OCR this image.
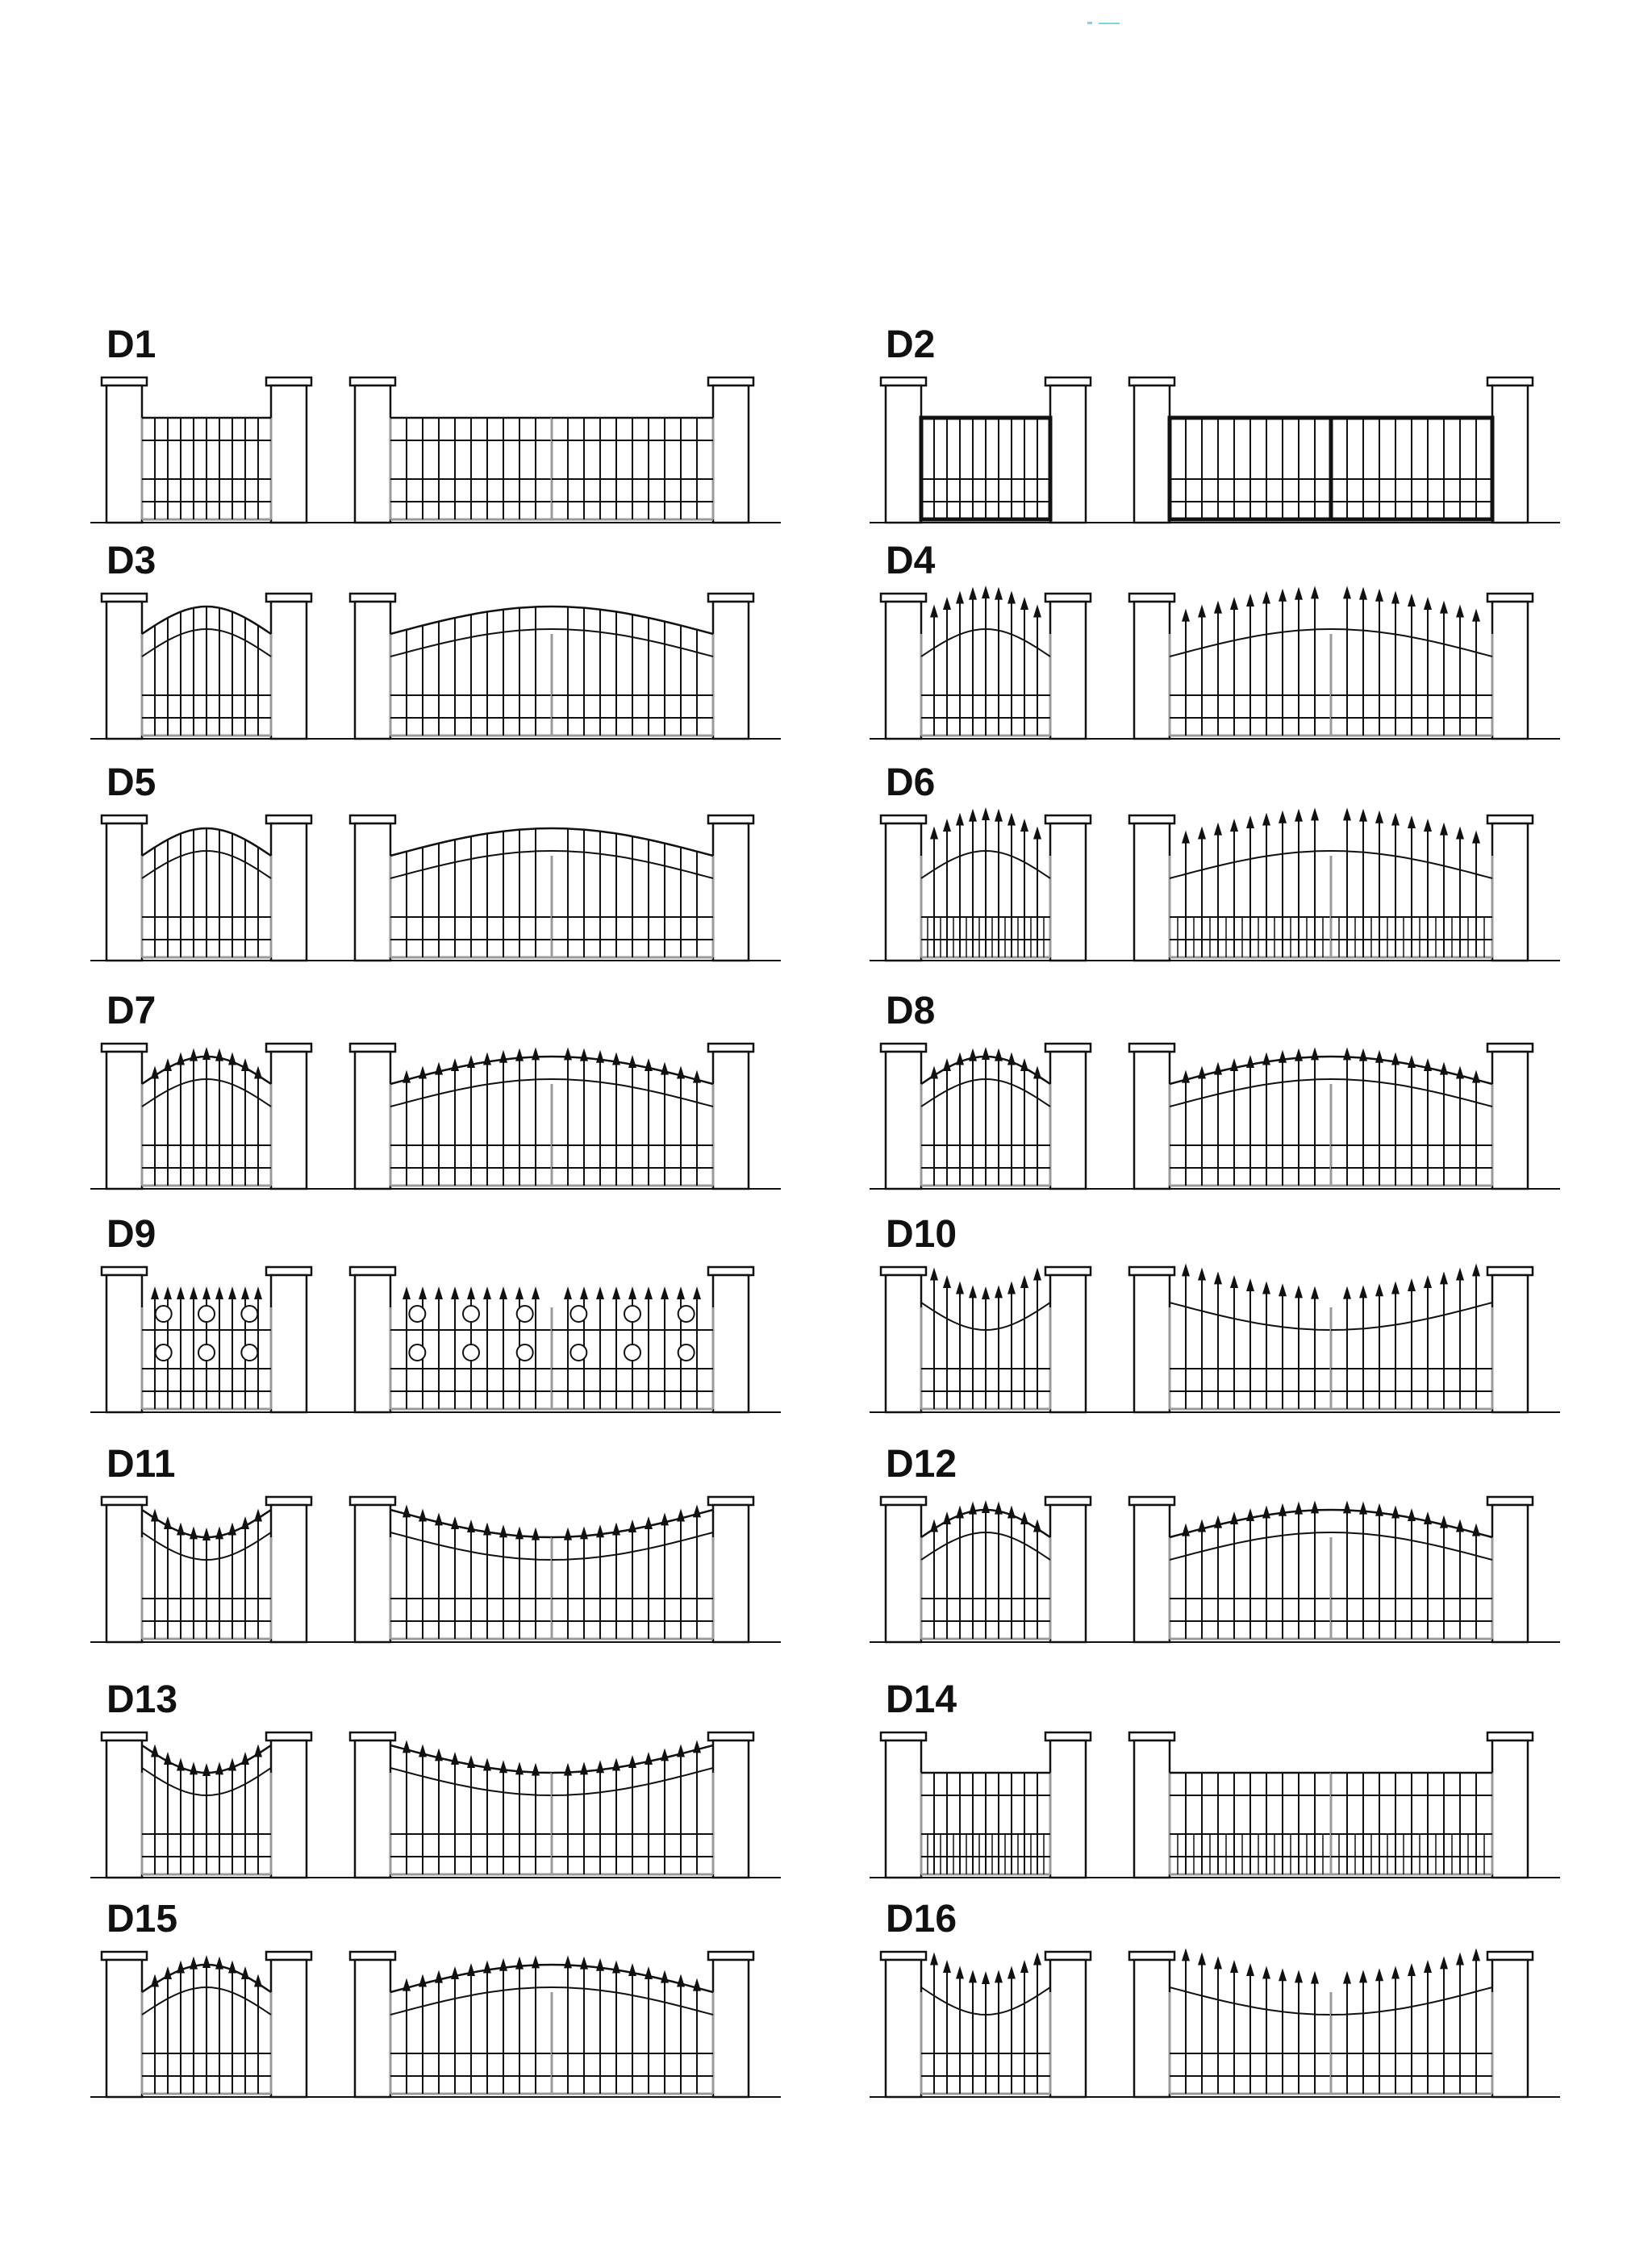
D1	D2
D3	D4
D5	D6
D7	D8
D9	D10
D11	D12
D13	D14
D15	D16
